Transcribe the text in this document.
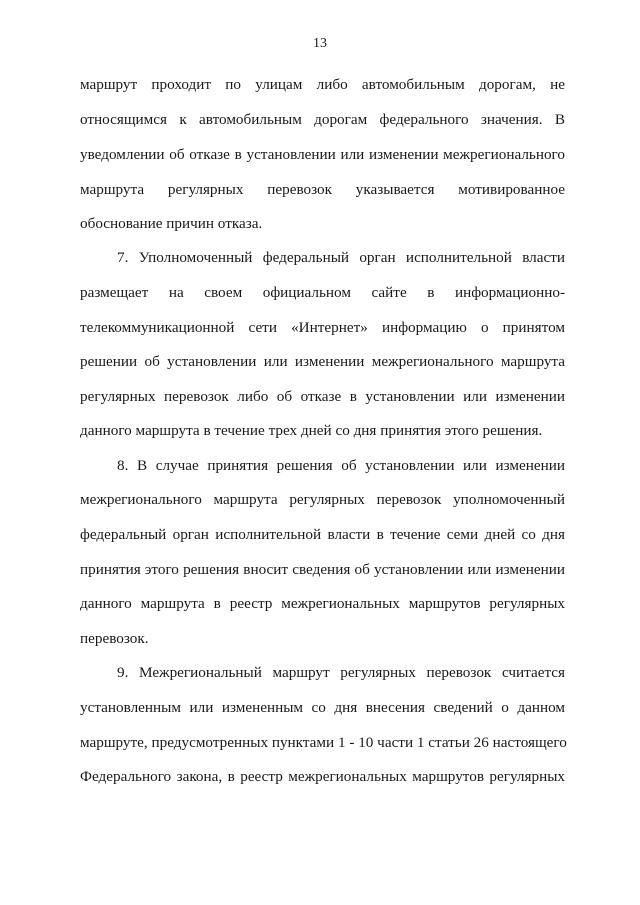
13
маршрут проходит по улицам либо автомобильным дорогам, не
относящимся к автомобильным дорогам федерального значения. В
уведомлении об отказе в установлении или изменении межрегионального
маршрута регулярных перевозок указывается мотивированное
обоснование причин отказа.
7. Уполномоченный федеральный орган исполнительной власти
размещает на своем официальном сайте в информационно-
телекоммуникационной сети «Интернет» информацию о принятом
решении об установлении или изменении межрегионального маршрута
регулярных перевозок либо об отказе в установлении или изменении
данного маршрута в течение трех дней со дня принятия этого решения.
8. В случае принятия решения об установлении или изменении
межрегионального маршрута регулярных перевозок уполномоченный
федеральный орган исполнительной власти в течение семи дней со дня
принятия этого решения вносит сведения об установлении или изменении
данного маршрута в реестр межрегиональных маршрутов регулярных
перевозок.
9. Межрегиональный маршрут регулярных перевозок считается
установленным или измененным со дня внесения сведений о данном
маршруте, предусмотренных пунктами 1 - 10 части 1 статьи 26 настоящего
Федерального закона, в реестр межрегиональных маршрутов регулярных
